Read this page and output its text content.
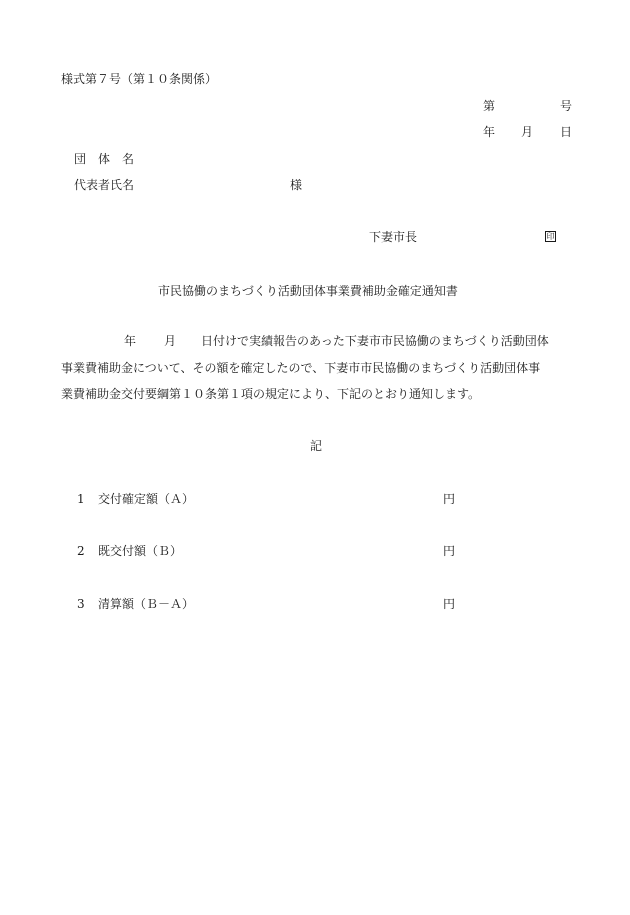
様式第７号（第１０条関係）
第	号
年 月 日
団　体　名
代表者氏名	様
下妻市長	印
市民協働のまちづくり活動団体事業費補助金確定通知書
年 月 日付けで実績報告のあった下妻市市民協働のまちづくり活動団体
事業費補助金について、その額を確定したので、下妻市市民協働のまちづくり活動団体事
業費補助金交付要綱第１０条第１項の規定により、下記のとおり通知します。
記
1 交付確定額（Ａ）	円
2 既交付額（Ｂ）	円
3 清算額（Ｂ－Ａ）	円
